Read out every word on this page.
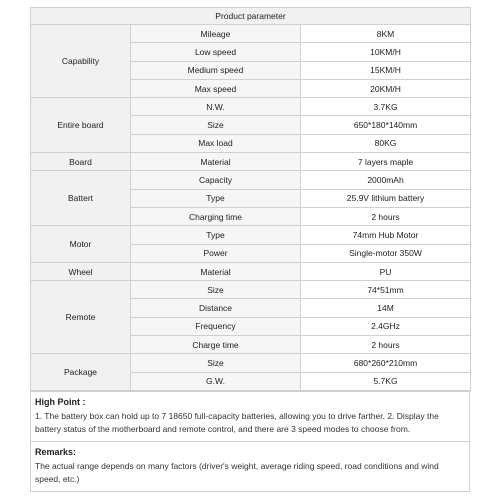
Product parameter		
Capability	Mileage	8KM
	Low speed	10KM/H
	Medium speed	15KM/H
	Max speed	20KM/H
Entire board	N.W.	3.7KG
	Size	650*180*140mm
	Max load	80KG
Board	Material	7 layers maple
Battert	Capacity	2000mAh
	Type	25.9V lithium battery
	Charging time	2 hours
Motor	Type	74mm Hub Motor
	Power	Single-motor 350W
Wheel	Material	PU
Remote	Size	74*51mm
	Distance	14M
	Frequency	2.4GHz
	Charge time	2 hours
Package	Size	680*260*210mm
	G.W.	5.7KG
High Point :
1. The battery box can hold up to 7 18650 full-capacity batteries, allowing you to drive farther. 2. Display the battery status of the motherboard and remote control, and there are 3 speed modes to choose from.
Remarks:
The actual range depends on many factors (driver's weight, average riding speed, road conditions and wind speed, etc.)
